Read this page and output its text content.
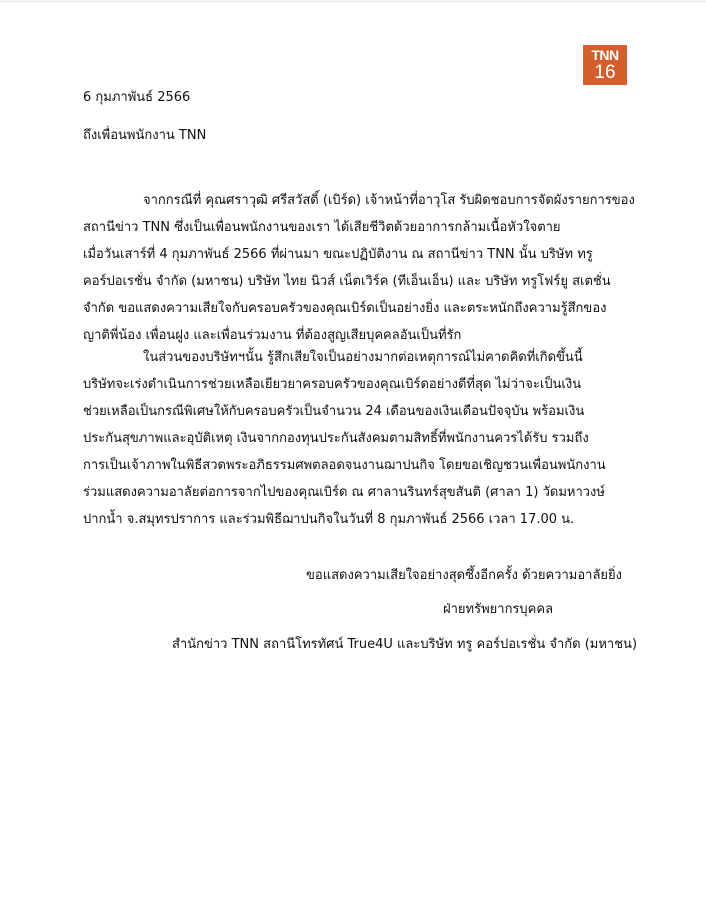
TNN
16
6 กุมภาพันธ์ 2566
ถึงเพื่อนพนักงาน TNN
จากกรณีที่ คุณศราวุฒิ ศรีสวัสดิ์ (เบิร์ด) เจ้าหน้าที่อาวุโส รับผิดชอบการจัดผังรายการของ
สถานีข่าว TNN ซึ่งเป็นเพื่อนพนักงานของเรา ได้เสียชีวิตด้วยอาการกล้ามเนื้อหัวใจตาย
เมื่อวันเสาร์ที่ 4 กุมภาพันธ์ 2566 ที่ผ่านมา ขณะปฏิบัติงาน ณ สถานีข่าว TNN นั้น บริษัท ทรู
คอร์ปอเรชั่น จำกัด (มหาชน) บริษัท ไทย นิวส์ เน็ตเวิร์ค (ทีเอ็นเอ็น) และ บริษัท ทรูโฟร์ยู สเตชั่น
จำกัด ขอแสดงความเสียใจกับครอบครัวของคุณเบิร์ดเป็นอย่างยิ่ง และตระหนักถึงความรู้สึกของ
ญาติพี่น้อง เพื่อนฝูง และเพื่อนร่วมงาน ที่ต้องสูญเสียบุคคลอันเป็นที่รัก
ในส่วนของบริษัทฯนั้น รู้สึกเสียใจเป็นอย่างมากต่อเหตุการณ์ไม่คาดคิดที่เกิดขึ้นนี้
บริษัทจะเร่งดำเนินการช่วยเหลือเยียวยาครอบครัวของคุณเบิร์ดอย่างดีที่สุด ไม่ว่าจะเป็นเงิน
ช่วยเหลือเป็นกรณีพิเศษให้กับครอบครัวเป็นจำนวน 24 เดือนของเงินเดือนปัจจุบัน พร้อมเงิน
ประกันสุขภาพและอุบัติเหตุ เงินจากกองทุนประกันสังคมตามสิทธิ์ที่พนักงานควรได้รับ รวมถึง
การเป็นเจ้าภาพในพิธีสวดพระอภิธรรมศพตลอดจนงานฌาปนกิจ โดยขอเชิญชวนเพื่อนพนักงาน
ร่วมแสดงความอาลัยต่อการจากไปของคุณเบิร์ด ณ ศาลานรินทร์สุขสันติ (ศาลา 1) วัดมหาวงษ์
ปากน้ำ จ.สมุทรปราการ และร่วมพิธีฌาปนกิจในวันที่ 8 กุมภาพันธ์ 2566 เวลา 17.00 น.
ขอแสดงความเสียใจอย่างสุดซึ้งอีกครั้ง ด้วยความอาลัยยิ่ง
ฝ่ายทรัพยากรบุคคล
สำนักข่าว TNN สถานีโทรทัศน์ True4U และบริษัท ทรู คอร์ปอเรชั่น จำกัด (มหาชน)
